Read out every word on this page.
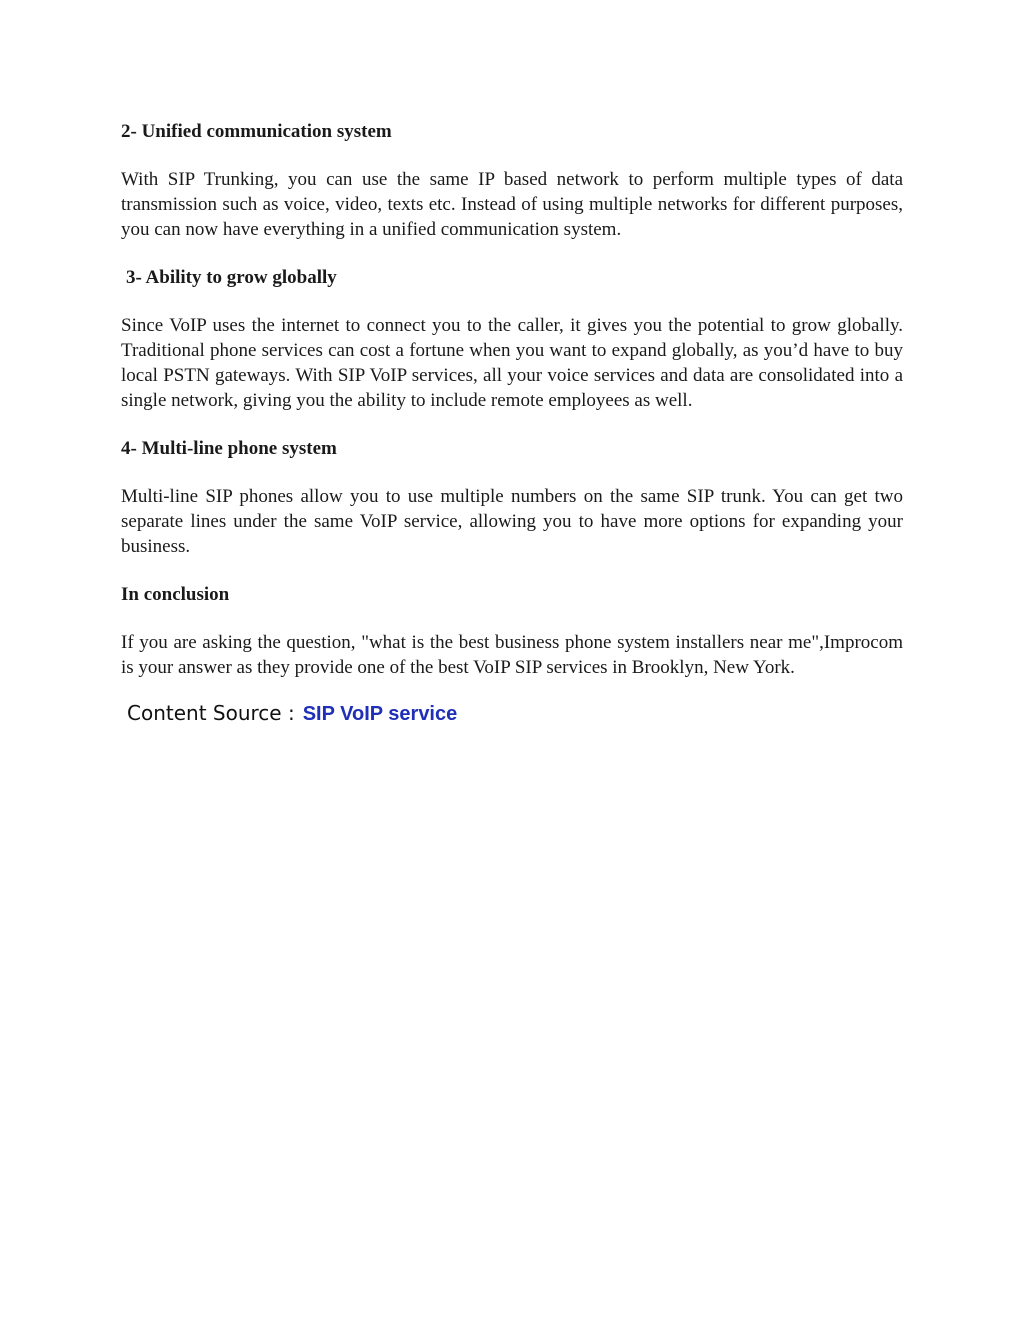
2- Unified communication system

With SIP Trunking, you can use the same IP based network to perform multiple types of data transmission such as voice, video, texts etc. Instead of using multiple networks for different purposes, you can now have everything in a unified communication system.

3- Ability to grow globally

Since VoIP uses the internet to connect you to the caller, it gives you the potential to grow globally. Traditional phone services can cost a fortune when you want to expand globally, as you’d have to buy local PSTN gateways. With SIP VoIP services, all your voice services and data are consolidated into a single network, giving you the ability to include remote employees as well.

4- Multi-line phone system

Multi-line SIP phones allow you to use multiple numbers on the same SIP trunk. You can get two separate lines under the same VoIP service, allowing you to have more options for expanding your business.

In conclusion

If you are asking the question, "what is the best business phone system installers near me",Improcom is your answer as they provide one of the best VoIP SIP services in Brooklyn, New York.

Content Source : SIP VoIP service
